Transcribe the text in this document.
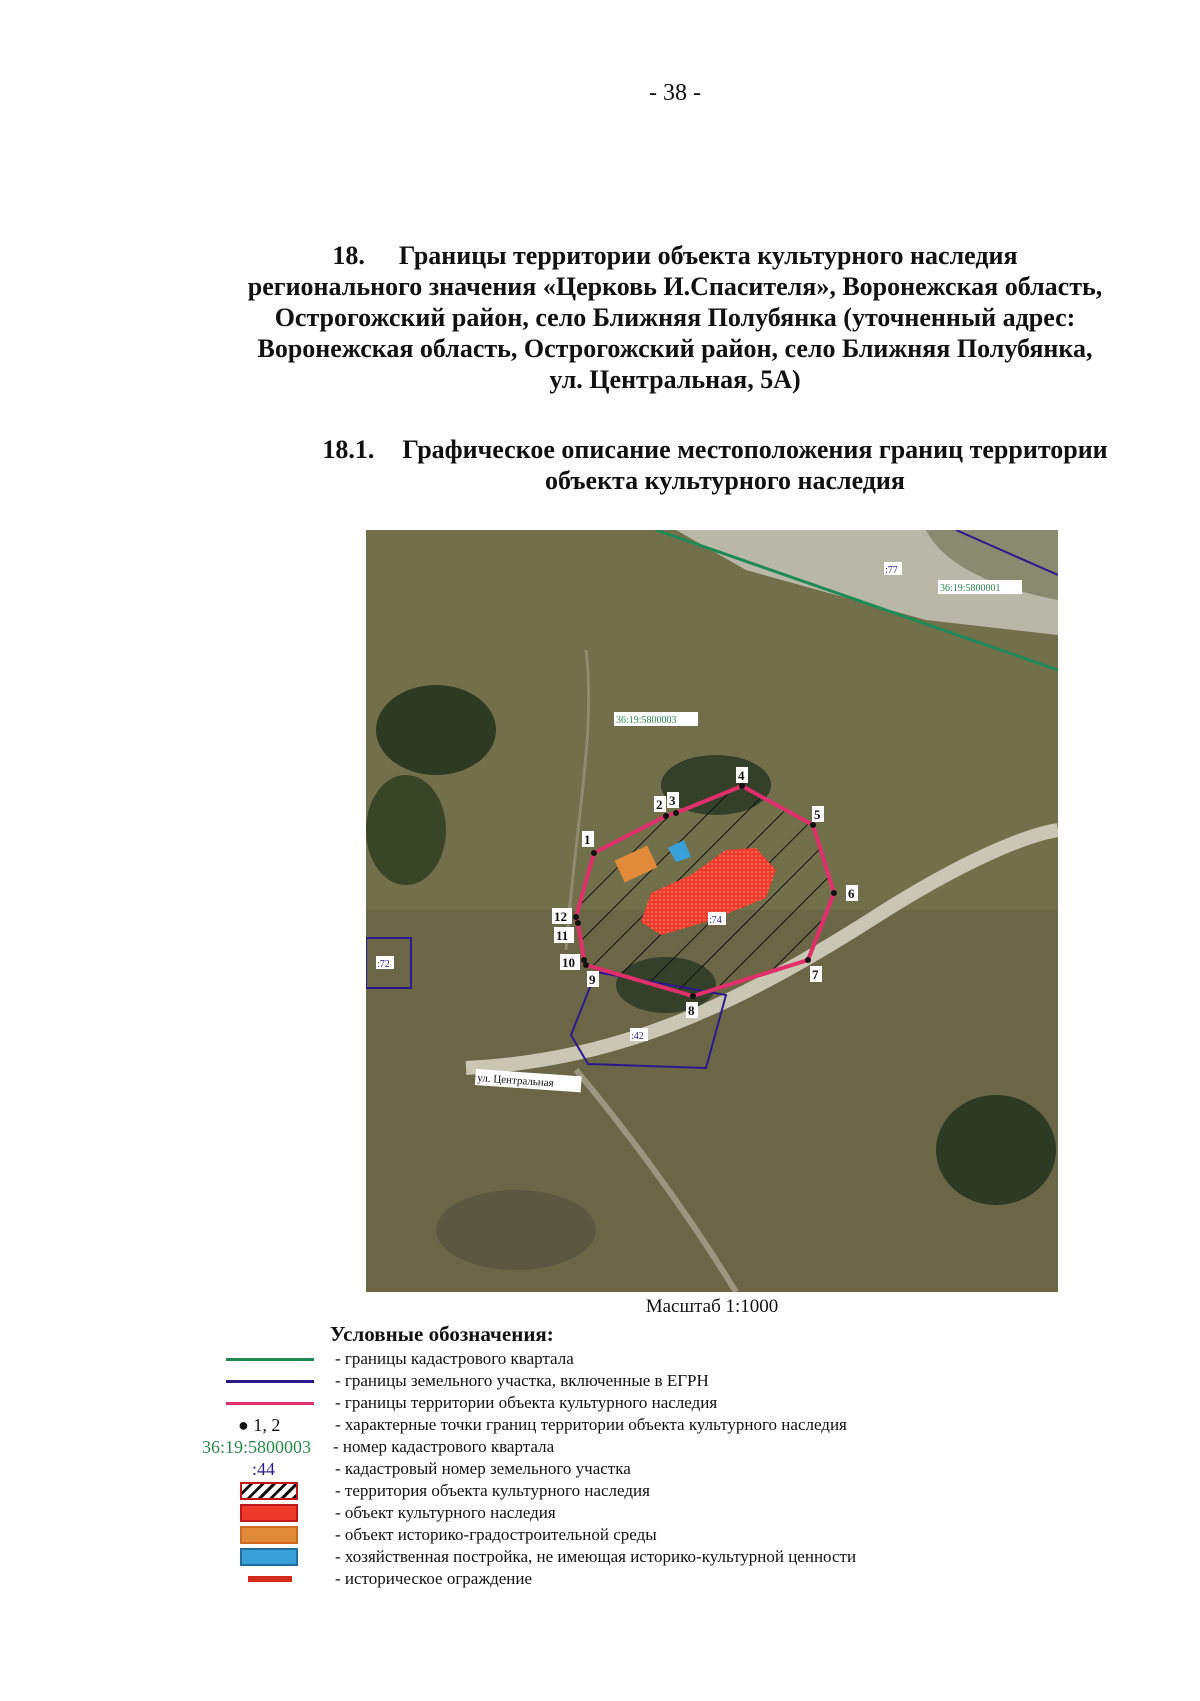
- 38 -
18. Границы территории объекта культурного наследия
регионального значения «Церковь И.Спасителя», Воронежская область,
Острогожский район, село Ближняя Полубянка (уточненный адрес:
Воронежская область, Острогожский район, село Ближняя Полубянка,
ул. Центральная, 5А)
18.1. Графическое описание местоположения границ территории
объекта культурного наследия
1
2 3
4
5
6
7
8
9
10
11
12
36:19:5800001
36:19:5800003
:77
:72
:42
:74
ул. Центральная
Масштаб 1:1000
Условные обозначения:
- границы кадастрового квартала
- границы земельного участка, включенные в ЕГРН
- границы территории объекта культурного наследия
● 1, 2	- характерные точки границ территории объекта культурного наследия
36:19:5800003 - номер кадастрового квартала
:44	- кадастровый номер земельного участка
- территория объекта культурного наследия
- объект культурного наследия
- объект историко-градостроительной среды
- хозяйственная постройка, не имеющая историко-культурной ценности
- историческое ограждение
